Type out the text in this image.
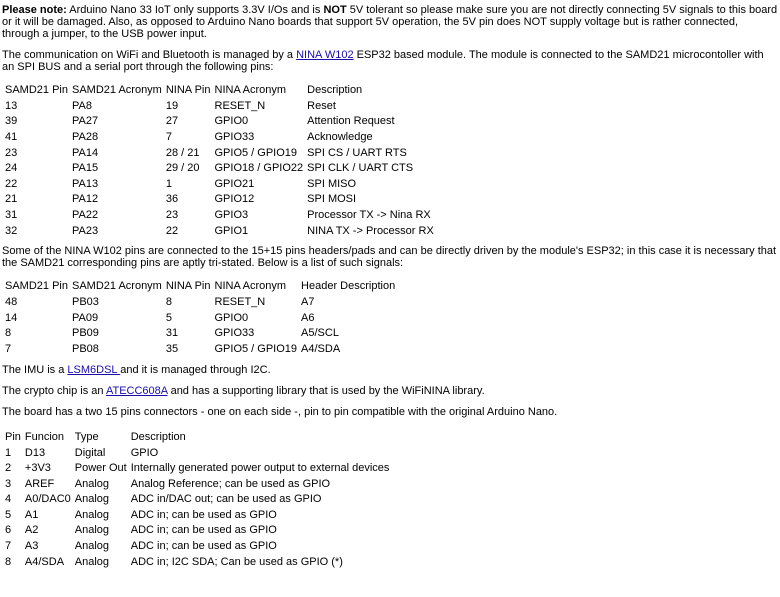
Please note: Arduino Nano 33 IoT only supports 3.3V I/Os and is NOT 5V tolerant so please make sure you are not directly connecting 5V signals to this board or it will be damaged. Also, as opposed to Arduino Nano boards that support 5V operation, the 5V pin does NOT supply voltage but is rather connected, through a jumper, to the USB power input.

The communication on WiFi and Bluetooth is managed by a NINA W102 ESP32 based module. The module is connected to the SAMD21 microcontoller with an SPI BUS and a serial port through the following pins:

SAMD21 Pin	SAMD21 Acronym	NINA Pin	NINA Acronym	Description
13	PA8	19	RESET_N	Reset
39	PA27	27	GPIO0	Attention Request
41	PA28	7	GPIO33	Acknowledge
23	PA14	28 / 21	GPIO5 / GPIO19	SPI CS / UART RTS
24	PA15	29 / 20	GPIO18 / GPIO22	SPI CLK / UART CTS
22	PA13	1	GPIO21	SPI MISO
21	PA12	36	GPIO12	SPI MOSI
31	PA22	23	GPIO3	Processor TX -> Nina RX
32	PA23	22	GPIO1	NINA TX -> Processor RX

Some of the NINA W102 pins are connected to the 15+15 pins headers/pads and can be directly driven by the module's ESP32; in this case it is necessary that the SAMD21 corresponding pins are aptly tri-stated. Below is a list of such signals:

SAMD21 Pin	SAMD21 Acronym	NINA Pin	NINA Acronym	Header Description
48	PB03	8	RESET_N	A7
14	PA09	5	GPIO0	A6
8	PB09	31	GPIO33	A5/SCL
7	PB08	35	GPIO5 / GPIO19	A4/SDA

The IMU is a LSM6DSL and it is managed through I2C.

The crypto chip is an ATECC608A and has a supporting library that is used by the WiFiNINA library.

The board has a two 15 pins connectors - one on each side -, pin to pin compatible with the original Arduino Nano.

Pin	Funcion	Type	Description
1	D13	Digital	GPIO
2	+3V3	Power Out	Internally generated power output to external devices
3	AREF	Analog	Analog Reference; can be used as GPIO
4	A0/DAC0	Analog	ADC in/DAC out; can be used as GPIO
5	A1	Analog	ADC in; can be used as GPIO
6	A2	Analog	ADC in; can be used as GPIO
7	A3	Analog	ADC in; can be used as GPIO
8	A4/SDA	Analog	ADC in; I2C SDA; Can be used as GPIO (*)
